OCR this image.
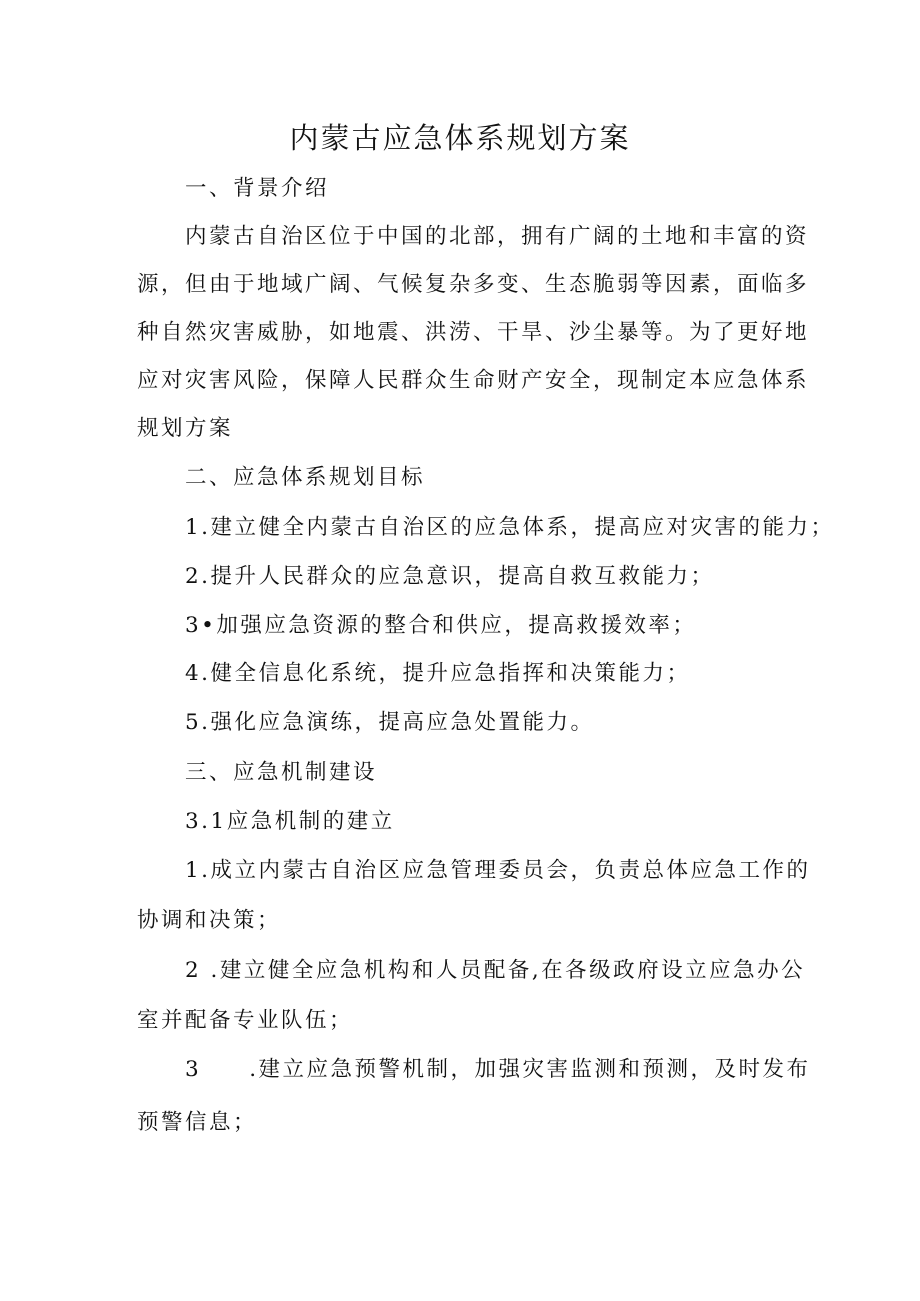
内蒙古应急体系规划方案
一、背景介绍
内蒙古自治区位于中国的北部，拥有广阔的土地和丰富的资
源，但由于地域广阔、气候复杂多变、生态脆弱等因素，面临多
种自然灾害威胁，如地震、洪涝、干旱、沙尘暴等。为了更好地
应对灾害风险，保障人民群众生命财产安全，现制定本应急体系
规划方案
二、应急体系规划目标
1.建立健全内蒙古自治区的应急体系，提高应对灾害的能力；
2.提升人民群众的应急意识，提高自救互救能力；
3•加强应急资源的整合和供应，提高救援效率；
4.健全信息化系统，提升应急指挥和决策能力；
5.强化应急演练，提高应急处置能力。
三、应急机制建设
3.1应急机制的建立
1.成立内蒙古自治区应急管理委员会，负责总体应急工作的
协调和决策；
2 .建立健全应急机构和人员配备,在各级政府设立应急办公
室并配备专业队伍；
3 .建立应急预警机制，加强灾害监测和预测，及时发布
预警信息；
